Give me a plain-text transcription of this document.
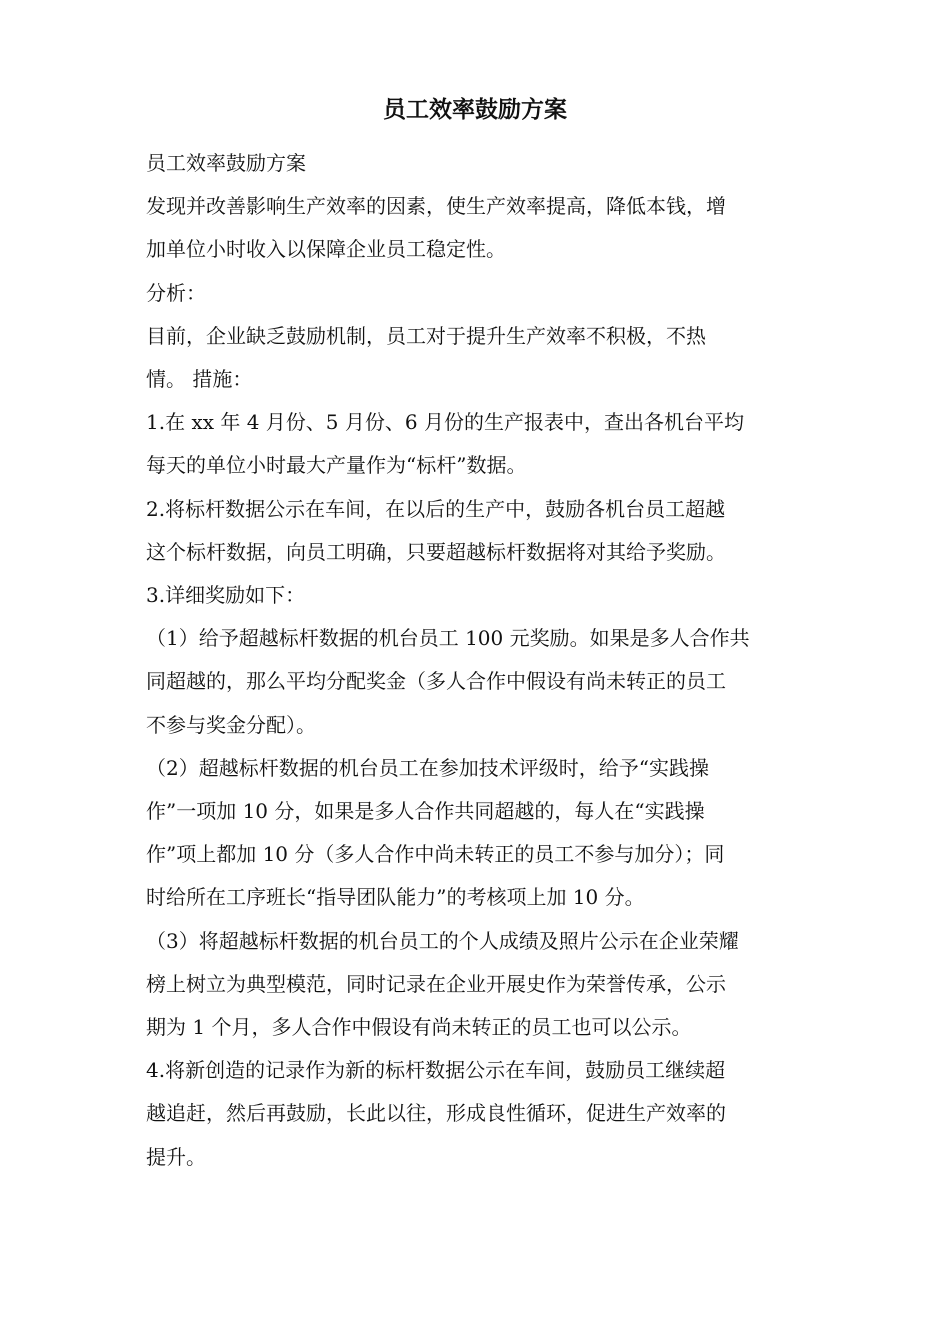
员工效率鼓励方案

员工效率鼓励方案

发现并改善影响生产效率的因素，使生产效率提高，降低本钱，增

加单位小时收入以保障企业员工稳定性。

分析：

目前，企业缺乏鼓励机制，员工对于提升生产效率不积极，不热

情。 措施：

1.在 xx 年 4 月份、5 月份、6 月份的生产报表中，查出各机台平均

每天的单位小时最大产量作为“标杆”数据。

2.将标杆数据公示在车间，在以后的生产中，鼓励各机台员工超越

这个标杆数据，向员工明确，只要超越标杆数据将对其给予奖励。

3.详细奖励如下：

（1）给予超越标杆数据的机台员工 100 元奖励。如果是多人合作共

同超越的，那么平均分配奖金（多人合作中假设有尚未转正的员工

不参与奖金分配）。

（2）超越标杆数据的机台员工在参加技术评级时，给予“实践操

作”一项加 10 分，如果是多人合作共同超越的，每人在“实践操

作”项上都加 10 分（多人合作中尚未转正的员工不参与加分）；同

时给所在工序班长“指导团队能力”的考核项上加 10 分。

（3）将超越标杆数据的机台员工的个人成绩及照片公示在企业荣耀

榜上树立为典型模范，同时记录在企业开展史作为荣誉传承，公示

期为 1 个月，多人合作中假设有尚未转正的员工也可以公示。

4.将新创造的记录作为新的标杆数据公示在车间，鼓励员工继续超

越追赶，然后再鼓励，长此以往，形成良性循环，促进生产效率的

提升。
